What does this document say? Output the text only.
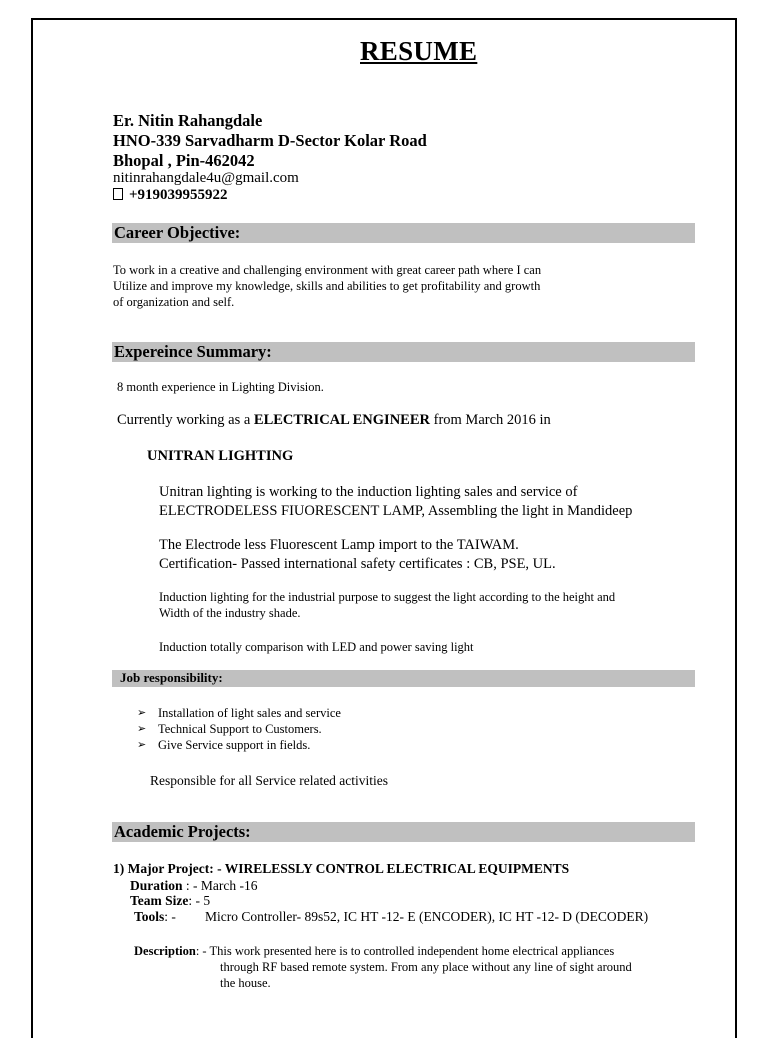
RESUME
Er. Nitin Rahangdale
HNO-339 Sarvadharm D-Sector Kolar Road
Bhopal , Pin-462042
nitinrahangdale4u@gmail.com
+919039955922
Career Objective:
To work in a creative and challenging environment with great career path where I can
Utilize and improve my knowledge, skills and abilities to get profitability and growth
of organization and self.
Expereince Summary:
8 month experience in Lighting Division.
Currently working as a ELECTRICAL ENGINEER from March 2016 in
UNITRAN LIGHTING
Unitran lighting is working to the induction lighting sales and service of
ELECTRODELESS FIUORESCENT LAMP, Assembling the light in Mandideep
The Electrode less Fluorescent Lamp import to the TAIWAM.
Certification- Passed international safety certificates : CB, PSE, UL.
Induction lighting for the industrial purpose to suggest the light according to the height and
Width of the industry shade.
Induction totally comparison with LED and power saving light
Job responsibility:
➢ Installation of light sales and service
➢ Technical Support to Customers.
➢ Give Service support in fields.
Responsible for all Service related activities
Academic Projects:
1) Major Project: - WIRELESSLY CONTROL ELECTRICAL EQUIPMENTS
Duration : - March -16
Team Size: - 5
Tools: - Micro Controller- 89s52, IC HT -12- E (ENCODER), IC HT -12- D (DECODER)
Description: - This work presented here is to controlled independent home electrical appliances
through RF based remote system. From any place without any line of sight around
the house.
